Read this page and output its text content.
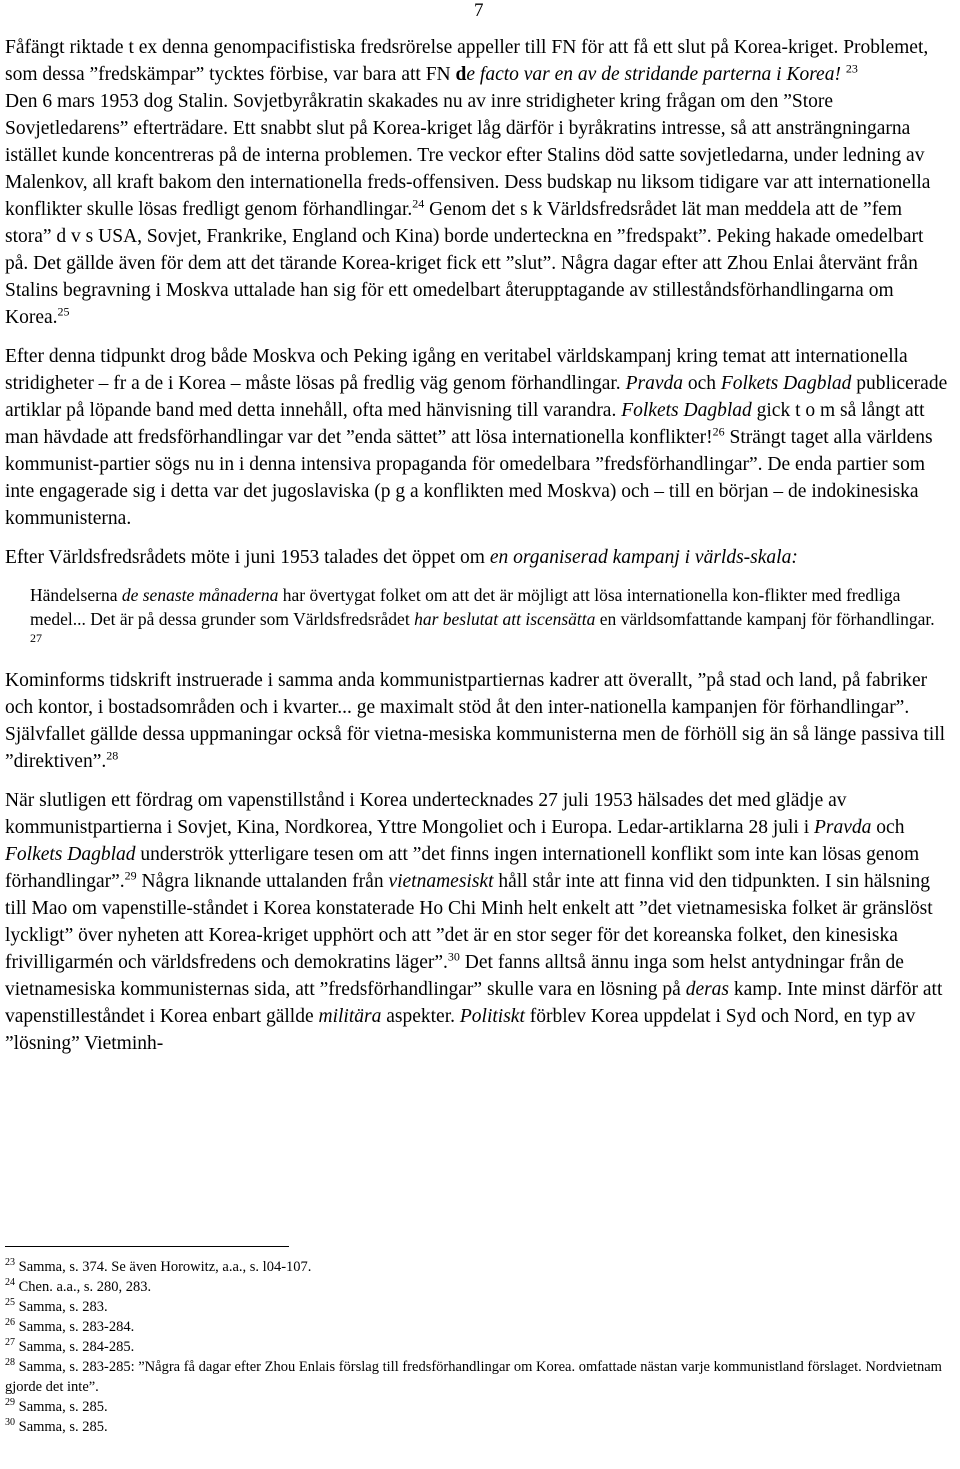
7

Fåfängt riktade t ex denna genompacifistiska fredsrörelse appeller till FN för att få ett slut på Korea-kriget. Problemet, som dessa ”fredskämpar” tycktes förbise, var bara att FN de facto var en av de stridande parterna i Korea! $^{23}$

Den 6 mars 1953 dog Stalin. Sovjetbyråkratin skakades nu av inre stridigheter kring frågan om den ”Store Sovjetledarens” efterträdare. Ett snabbt slut på Korea-kriget låg därför i byråkratins intresse, så att ansträngningarna istället kunde koncentreras på de interna problemen. Tre veckor efter Stalins död satte sovjetledarna, under ledning av Malenkov, all kraft bakom den internationella freds-offensiven. Dess budskap nu liksom tidigare var att internationella konflikter skulle lösas fredligt genom förhandlingar.$^{24}$ Genom det s k Världsfredsrådet lät man meddela att de ”fem stora” d v s USA, Sovjet, Frankrike, England och Kina) borde underteckna en ”fredspakt”. Peking hakade omedelbart på. Det gällde även för dem att det tärande Korea-kriget fick ett ”slut”. Några dagar efter att Zhou Enlai återvänt från Stalins begravning i Moskva uttalade han sig för ett omedelbart återupptagande av stilleståndsförhandlingarna om Korea.$^{25}$

Efter denna tidpunkt drog både Moskva och Peking igång en veritabel världskampanj kring temat att internationella stridigheter – fr a de i Korea – måste lösas på fredlig väg genom förhandlingar. Pravda och Folkets Dagblad publicerade artiklar på löpande band med detta innehåll, ofta med hänvisning till varandra. Folkets Dagblad gick t o m så långt att man hävdade att fredsförhandlingar var det ”enda sättet” att lösa internationella konflikter!$^{26}$ Strängt taget alla världens kommunist-partier sögs nu in i denna intensiva propaganda för omedelbara ”fredsförhandlingar”. De enda partier som inte engagerade sig i detta var det jugoslaviska (p g a konflikten med Moskva) och – till en början – de indokinesiska kommunisterna.

Efter Världsfredsrådets möte i juni 1953 talades det öppet om en organiserad kampanj i världs-skala:

Händelserna de senaste månaderna har övertygat folket om att det är möjligt att lösa internationella kon-flikter med fredliga medel... Det är på dessa grunder som Världsfredsrådet har beslutat att iscensätta en världsomfattande kampanj för förhandlingar. $^{27}$

Kominforms tidskrift instruerade i samma anda kommunistpartiernas kadrer att överallt, ”på stad och land, på fabriker och kontor, i bostadsområden och i kvarter... ge maximalt stöd åt den inter-nationella kampanjen för förhandlingar”. Självfallet gällde dessa uppmaningar också för vietna-mesiska kommunisterna men de förhöll sig än så länge passiva till ”direktiven”.$^{28}$

När slutligen ett fördrag om vapenstillstånd i Korea undertecknades 27 juli 1953 hälsades det med glädje av kommunistpartierna i Sovjet, Kina, Nordkorea, Yttre Mongoliet och i Europa. Ledar-artiklarna 28 juli i Pravda och Folkets Dagblad underströk ytterligare tesen om att ”det finns ingen internationell konflikt som inte kan lösas genom förhandlingar”.$^{29}$ Några liknande uttalanden från vietnamesiskt håll står inte att finna vid den tidpunkten. I sin hälsning till Mao om vapenstille-ståndet i Korea konstaterade Ho Chi Minh helt enkelt att ”det vietnamesiska folket är gränslöst lyckligt” över nyheten att Korea-kriget upphört och att ”det är en stor seger för det koreanska folket, den kinesiska frivilligarmén och världsfredens och demokratins läger”.$^{30}$ Det fanns alltså ännu inga som helst antydningar från de vietnamesiska kommunisternas sida, att ”fredsförhandlingar” skulle vara en lösning på deras kamp. Inte minst därför att vapenstilleståndet i Korea enbart gällde militära aspekter. Politiskt förblev Korea uppdelat i Syd och Nord, en typ av ”lösning” Vietminh-

$^{23}$ Samma, s. 374. Se även Horowitz, a.a., s. l04-107.

$^{24}$ Chen. a.a., s. 280, 283.

$^{25}$ Samma, s. 283.

$^{26}$ Samma, s. 283-284.

$^{27}$ Samma, s. 284-285.

$^{28}$ Samma, s. 283-285: ”Några få dagar efter Zhou Enlais förslag till fredsförhandlingar om Korea. omfattade nästan varje kommunistland förslaget. Nordvietnam gjorde det inte”.

$^{29}$ Samma, s. 285.

$^{30}$ Samma, s. 285.
